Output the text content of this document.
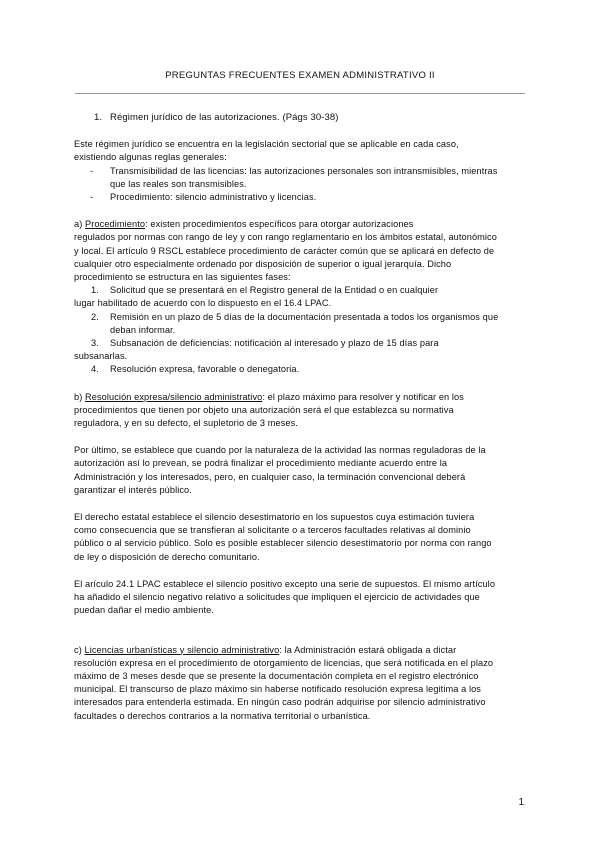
PREGUNTAS FRECUENTES EXAMEN ADMINISTRATIVO II
1. Régimen jurídico de las autorizaciones. (Págs 30-38)
Este régimen jurídico se encuentra en la legislación sectorial que se aplicable en cada caso,
existiendo algunas reglas generales:
- Transmisibilidad de las licencias: las autorizaciones personales son intransmisibles, mientras
que las reales son transmisibles.
- Procedimiento: silencio administrativo y licencias.
a) Procedimiento: existen procedimientos específicos para otorgar autorizaciones
regulados por normas con rango de ley y con rango reglamentario en los ámbitos estatal, autonómico
y local. El artículo 9 RSCL establece procedimiento de carácter común que se aplicará en defecto de
cualquier otro especialmente ordenado por disposición de superior o igual jerarquía. Dicho
procedimiento se estructura en las siguientes fases:
1. Solicitud que se presentará en el Registro general de la Entidad o en cualquier
lugar habilitado de acuerdo con lo dispuesto en el 16.4 LPAC.
2. Remisión en un plazo de 5 días de la documentación presentada a todos los organismos que
deban informar.
3. Subsanación de deficiencias: notificación al interesado y plazo de 15 días para
subsanarlas.
4. Resolución expresa, favorable o denegatoria.
b) Resolución expresa/silencio administrativo: el plazo máximo para resolver y notificar en los
procedimientos que tienen por objeto una autorización será el que establezca su normativa
reguladora, y en su defecto, el supletorio de 3 meses.
Por último, se establece que cuando por la naturaleza de la actividad las normas reguladoras de la
autorización así lo prevean, se podrá finalizar el procedimiento mediante acuerdo entre la
Administración y los interesados, pero, en cualquier caso, la terminación convencional deberá
garantizar el interés público.
El derecho estatal establece el silencio desestimatorio en los supuestos cuya estimación tuviera
como consecuencia que se transfieran al solicitante o a terceros facultades relativas al dominio
público o al servicio público. Solo es posible establecer silencio desestimatorio por norma con rango
de ley o disposición de derecho comunitario.
El arículo 24.1 LPAC establece el silencio positivo excepto una serie de supuestos. El mismo artículo
ha añadido el silencio negativo relativo a solicitudes que impliquen el ejercicio de actividades que
puedan dañar el medio ambiente.
c) Licencias urbanísticas y silencio administrativo: la Administración estará obligada a dictar
resolución expresa en el procedimiento de otorgamiento de licencias, que será notificada en el plazo
máximo de 3 meses desde que se presente la documentación completa en el registro electrónico
municipal. El transcurso de plazo máximo sin haberse notificado resolución expresa legitima a los
interesados para entenderla estimada. En ningún caso podrán adquirise por silencio administrativo
facultades o derechos contrarios a la normativa territorial o urbanística.
1
